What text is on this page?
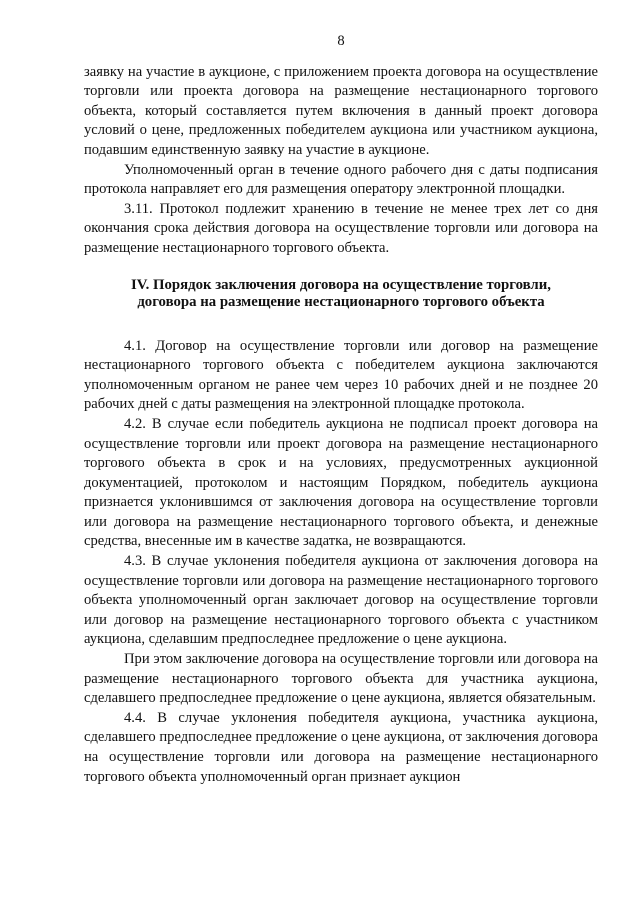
8

заявку на участие в аукционе, с приложением проекта договора на осуществление торговли или проекта договора на размещение нестационарного торгового объекта, который составляется путем включения в данный проект договора условий о цене, предложенных победителем аукциона или участником аукциона, подавшим единственную заявку на участие в аукционе.

Уполномоченный орган в течение одного рабочего дня с даты подписания протокола направляет его для размещения оператору электронной площадки.

3.11. Протокол подлежит хранению в течение не менее трех лет со дня окончания срока действия договора на осуществление торговли или договора на размещение нестационарного торгового объекта.

IV. Порядок заключения договора на осуществление торговли,
договора на размещение нестационарного торгового объекта

4.1. Договор на осуществление торговли или договор на размещение нестационарного торгового объекта с победителем аукциона заключаются уполномоченным органом не ранее чем через 10 рабочих дней и не позднее 20 рабочих дней с даты размещения на электронной площадке протокола.

4.2. В случае если победитель аукциона не подписал проект договора на осуществление торговли или проект договора на размещение нестационарного торгового объекта в срок и на условиях, предусмотренных аукционной документацией, протоколом и настоящим Порядком, победитель аукциона признается уклонившимся от заключения договора на осуществление торговли или договора на размещение нестационарного торгового объекта, и денежные средства, внесенные им в качестве задатка, не возвращаются.

4.3. В случае уклонения победителя аукциона от заключения договора на осуществление торговли или договора на размещение нестационарного торгового объекта уполномоченный орган заключает договор на осуществление торговли или договор на размещение нестационарного торгового объекта с участником аукциона, сделавшим предпоследнее предложение о цене аукциона.

При этом заключение договора на осуществление торговли или договора на размещение нестационарного торгового объекта для участника аукциона, сделавшего предпоследнее предложение о цене аукциона, является обязательным.

4.4. В случае уклонения победителя аукциона, участника аукциона, сделавшего предпоследнее предложение о цене аукциона, от заключения договора на осуществление торговли или договора на размещение нестационарного торгового объекта уполномоченный орган признает аукцион
